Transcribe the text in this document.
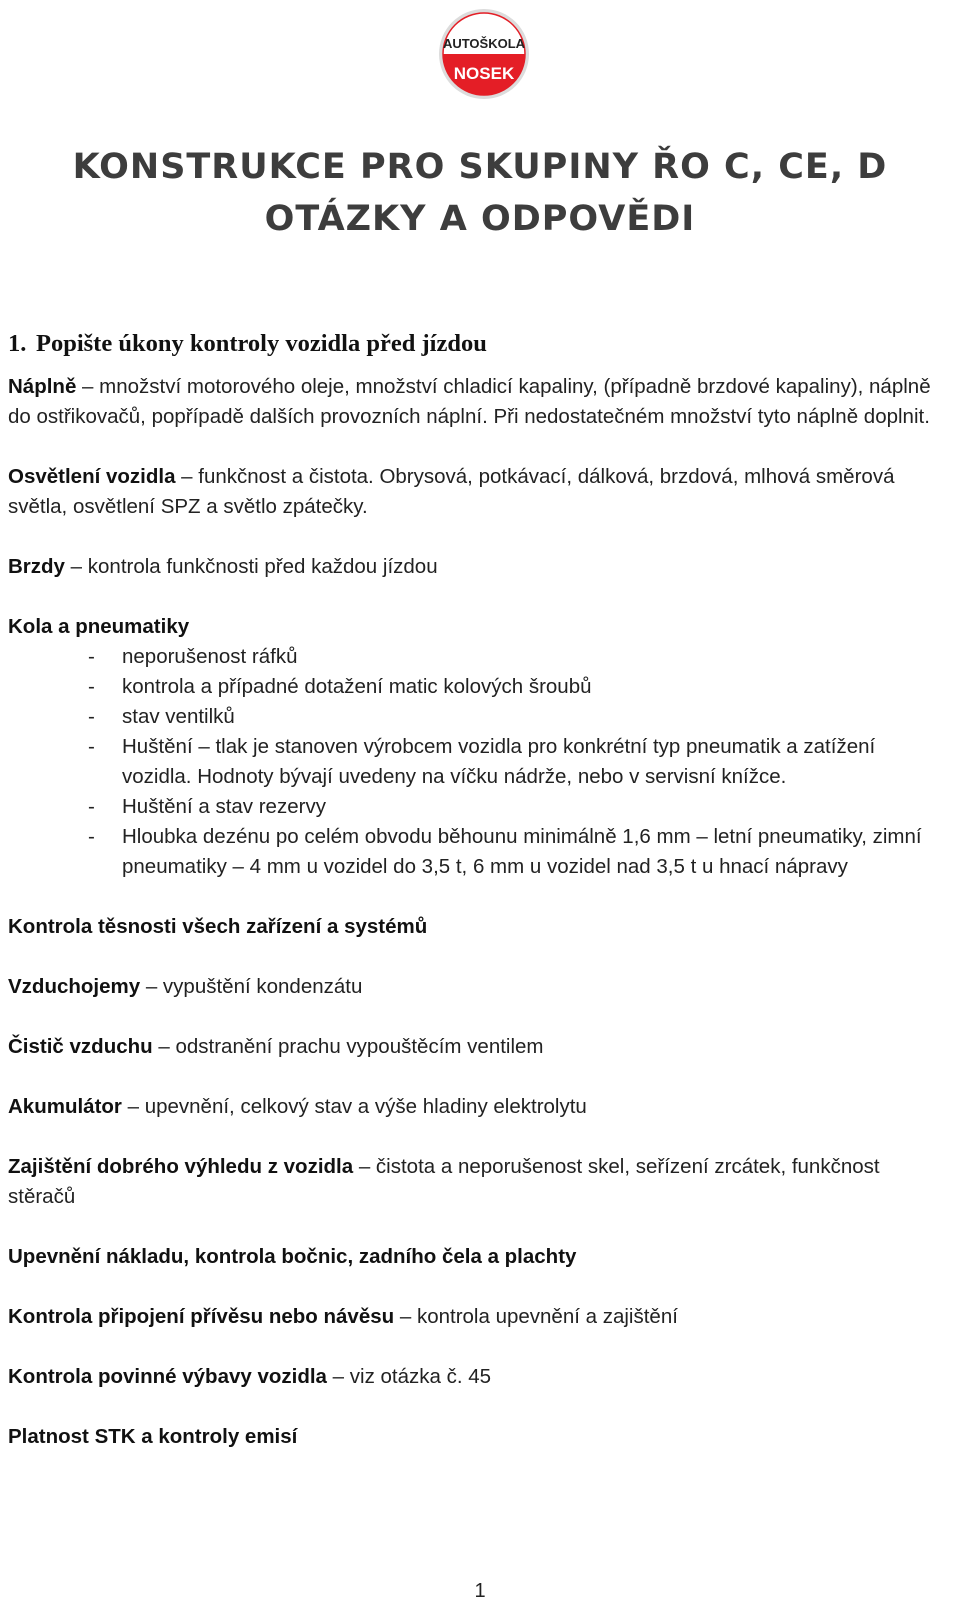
AUTOŠKOLA
NOSEK
KONSTRUKCE PRO SKUPINY ŘO C, CE, D
OTÁZKY A ODPOVĚDI
1. Popište úkony kontroly vozidla před jízdou

Náplně – množství motorového oleje, množství chladicí kapaliny, (případně brzdové kapaliny), náplně do ostřikovačů, popřípadě dalších provozních náplní. Při nedostatečném množství tyto náplně doplnit.

Osvětlení vozidla – funkčnost a čistota. Obrysová, potkávací, dálková, brzdová, mlhová směrová světla, osvětlení SPZ a světlo zpátečky.

Brzdy – kontrola funkčnosti před každou jízdou

Kola a pneumatiky

- neporušenost ráfků
- kontrola a případné dotažení matic kolových šroubů
- stav ventilků
- Huštění – tlak je stanoven výrobcem vozidla pro konkrétní typ pneumatik a zatížení vozidla. Hodnoty bývají uvedeny na víčku nádrže, nebo v servisní knížce.
- Huštění a stav rezervy
- Hloubka dezénu po celém obvodu běhounu minimálně 1,6 mm – letní pneumatiky, zimní pneumatiky – 4 mm u vozidel do 3,5 t, 6 mm u vozidel nad 3,5 t u hnací nápravy

Kontrola těsnosti všech zařízení a systémů

Vzduchojemy – vypuštění kondenzátu

Čistič vzduchu – odstranění prachu vypouštěcím ventilem

Akumulátor – upevnění, celkový stav a výše hladiny elektrolytu

Zajištění dobrého výhledu z vozidla – čistota a neporušenost skel, seřízení zrcátek, funkčnost stěračů

Upevnění nákladu, kontrola bočnic, zadního čela a plachty

Kontrola připojení přívěsu nebo návěsu – kontrola upevnění a zajištění

Kontrola povinné výbavy vozidla – viz otázka č. 45

Platnost STK a kontroly emisí

1
